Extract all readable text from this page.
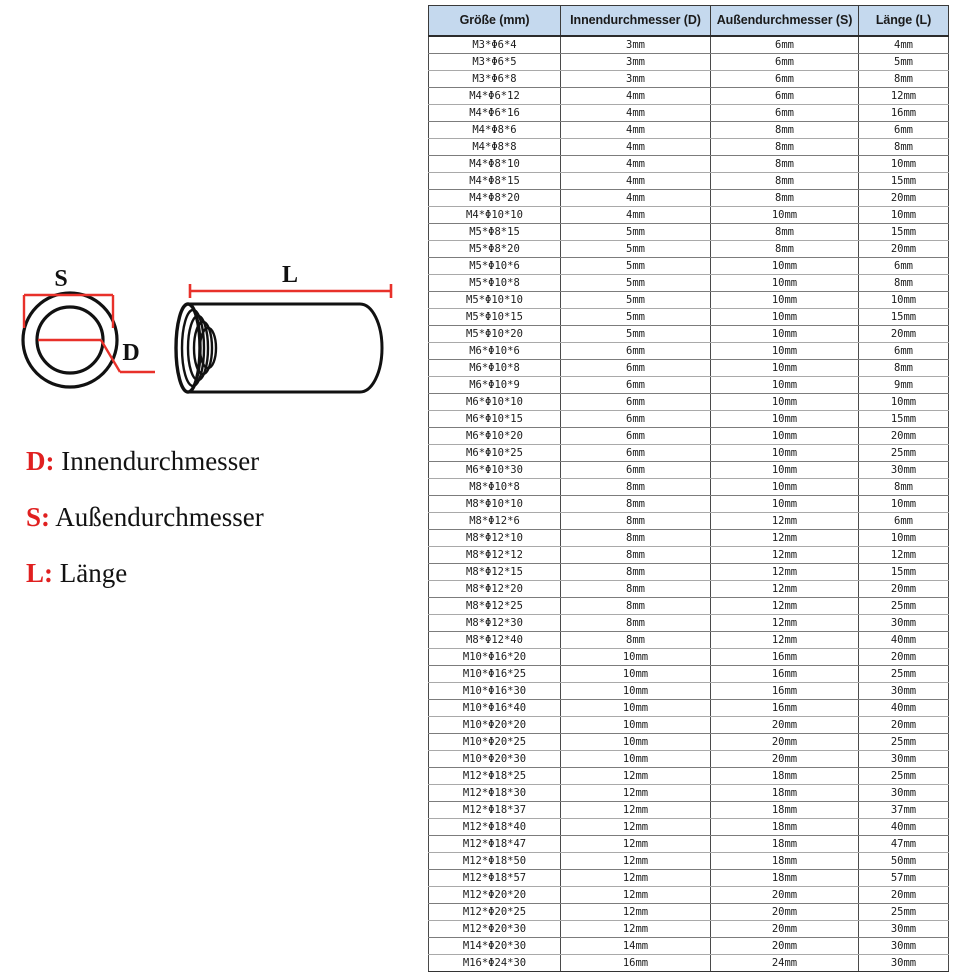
S
D
L
D: Innendurchmesser
S: Außendurchmesser
L: Länge
Größe (mm)	Innendurchmesser (D)	Außendurchmesser (S)	Länge (L)
M3*Φ6*4	3mm	6mm	4mm
M3*Φ6*5	3mm	6mm	5mm
M3*Φ6*8	3mm	6mm	8mm
M4*Φ6*12	4mm	6mm	12mm
M4*Φ6*16	4mm	6mm	16mm
M4*Φ8*6	4mm	8mm	6mm
M4*Φ8*8	4mm	8mm	8mm
M4*Φ8*10	4mm	8mm	10mm
M4*Φ8*15	4mm	8mm	15mm
M4*Φ8*20	4mm	8mm	20mm
M4*Φ10*10	4mm	10mm	10mm
M5*Φ8*15	5mm	8mm	15mm
M5*Φ8*20	5mm	8mm	20mm
M5*Φ10*6	5mm	10mm	6mm
M5*Φ10*8	5mm	10mm	8mm
M5*Φ10*10	5mm	10mm	10mm
M5*Φ10*15	5mm	10mm	15mm
M5*Φ10*20	5mm	10mm	20mm
M6*Φ10*6	6mm	10mm	6mm
M6*Φ10*8	6mm	10mm	8mm
M6*Φ10*9	6mm	10mm	9mm
M6*Φ10*10	6mm	10mm	10mm
M6*Φ10*15	6mm	10mm	15mm
M6*Φ10*20	6mm	10mm	20mm
M6*Φ10*25	6mm	10mm	25mm
M6*Φ10*30	6mm	10mm	30mm
M8*Φ10*8	8mm	10mm	8mm
M8*Φ10*10	8mm	10mm	10mm
M8*Φ12*6	8mm	12mm	6mm
M8*Φ12*10	8mm	12mm	10mm
M8*Φ12*12	8mm	12mm	12mm
M8*Φ12*15	8mm	12mm	15mm
M8*Φ12*20	8mm	12mm	20mm
M8*Φ12*25	8mm	12mm	25mm
M8*Φ12*30	8mm	12mm	30mm
M8*Φ12*40	8mm	12mm	40mm
M10*Φ16*20	10mm	16mm	20mm
M10*Φ16*25	10mm	16mm	25mm
M10*Φ16*30	10mm	16mm	30mm
M10*Φ16*40	10mm	16mm	40mm
M10*Φ20*20	10mm	20mm	20mm
M10*Φ20*25	10mm	20mm	25mm
M10*Φ20*30	10mm	20mm	30mm
M12*Φ18*25	12mm	18mm	25mm
M12*Φ18*30	12mm	18mm	30mm
M12*Φ18*37	12mm	18mm	37mm
M12*Φ18*40	12mm	18mm	40mm
M12*Φ18*47	12mm	18mm	47mm
M12*Φ18*50	12mm	18mm	50mm
M12*Φ18*57	12mm	18mm	57mm
M12*Φ20*20	12mm	20mm	20mm
M12*Φ20*25	12mm	20mm	25mm
M12*Φ20*30	12mm	20mm	30mm
M14*Φ20*30	14mm	20mm	30mm
M16*Φ24*30	16mm	24mm	30mm
